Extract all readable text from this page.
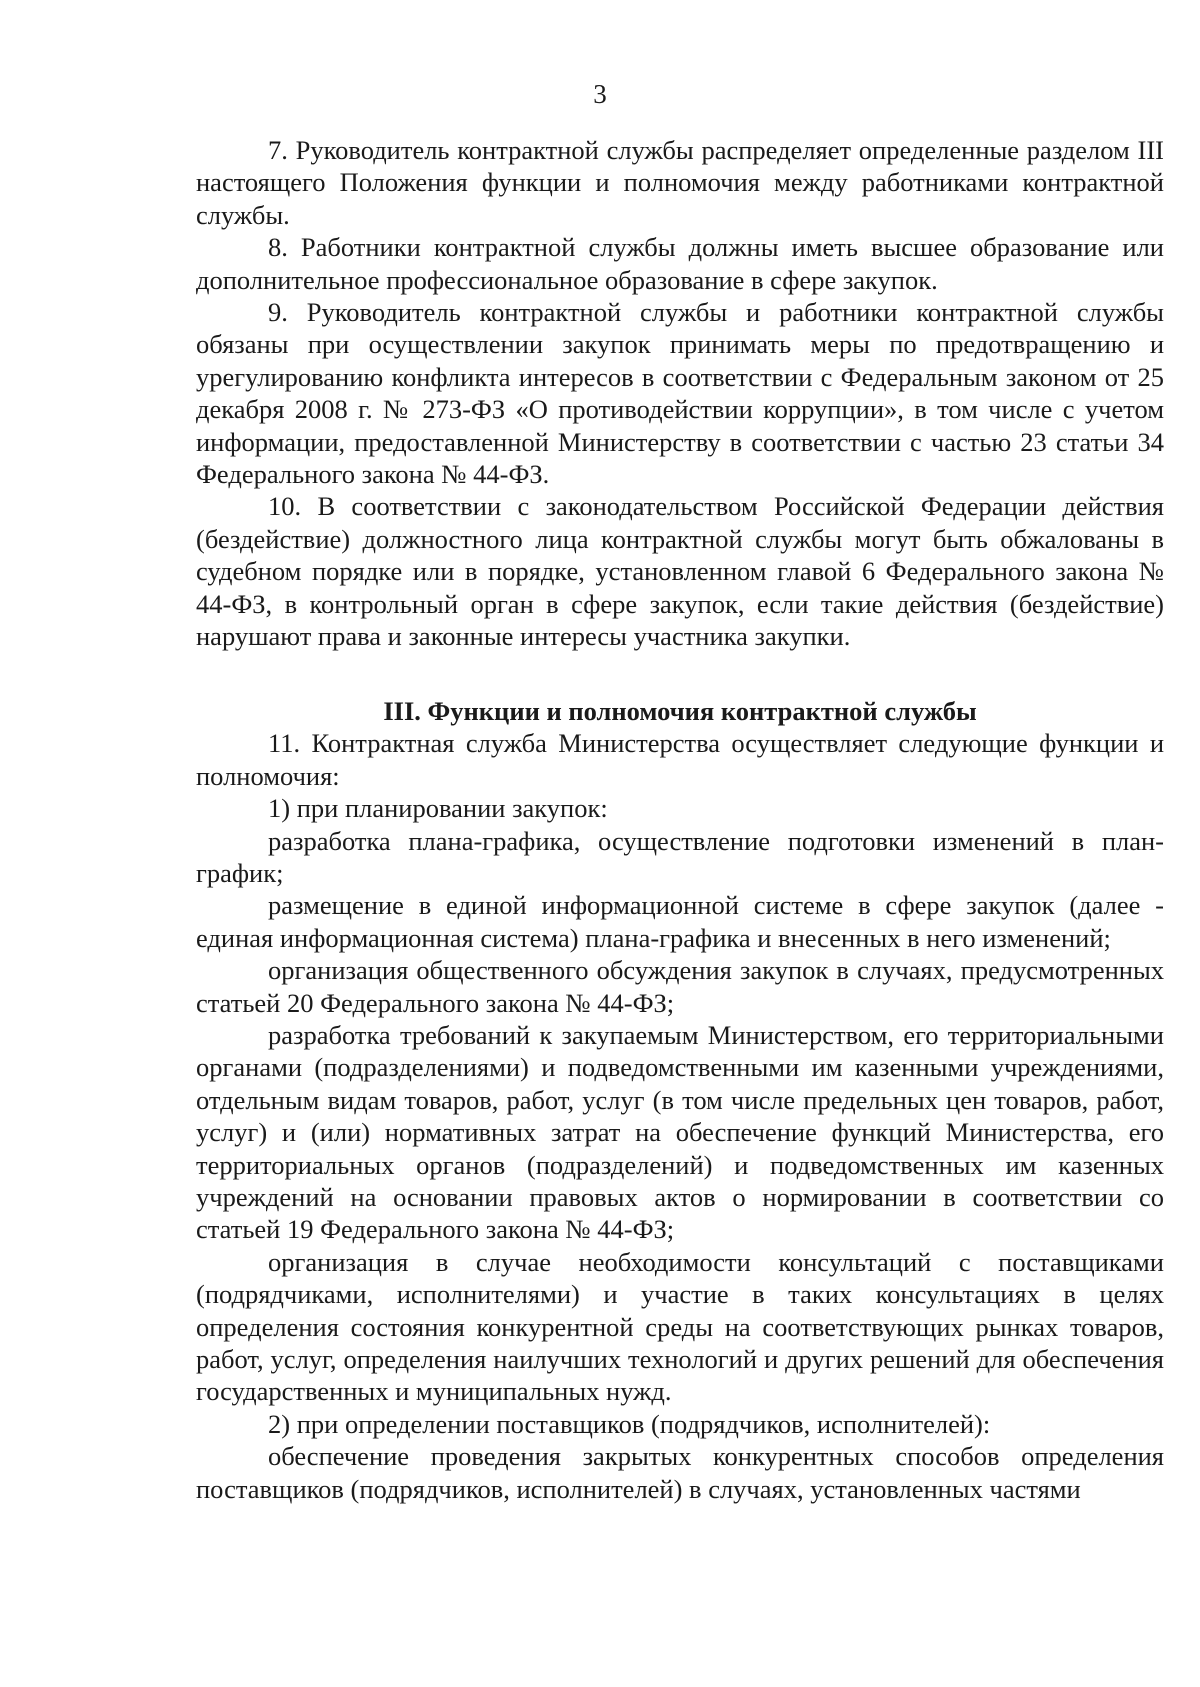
3

7. Руководитель контрактной службы распределяет определенные разделом III настоящего Положения функции и полномочия между работниками контрактной службы.

8. Работники контрактной службы должны иметь высшее образование или дополнительное профессиональное образование в сфере закупок.

9. Руководитель контрактной службы и работники контрактной службы обязаны при осуществлении закупок принимать меры по предотвращению и урегулированию конфликта интересов в соответствии с Федеральным законом от 25 декабря 2008 г. № 273-ФЗ «О противодействии коррупции», в том числе с учетом информации, предоставленной Министерству в соответствии с частью 23 статьи 34 Федерального закона № 44-ФЗ.

10. В соответствии с законодательством Российской Федерации действия (бездействие) должностного лица контрактной службы могут быть обжалованы в судебном порядке или в порядке, установленном главой 6 Федерального закона № 44-ФЗ, в контрольный орган в сфере закупок, если такие действия (бездействие) нарушают права и законные интересы участника закупки.

III. Функции и полномочия контрактной службы

11. Контрактная служба Министерства осуществляет следующие функции и полномочия:

1) при планировании закупок:

разработка плана-графика, осуществление подготовки изменений в план-график;

размещение в единой информационной системе в сфере закупок (далее - единая информационная система) плана-графика и внесенных в него изменений;

организация общественного обсуждения закупок в случаях, предусмотренных статьей 20 Федерального закона № 44-ФЗ;

разработка требований к закупаемым Министерством, его территориальными органами (подразделениями) и подведомственными им казенными учреждениями, отдельным видам товаров, работ, услуг (в том числе предельных цен товаров, работ, услуг) и (или) нормативных затрат на обеспечение функций Министерства, его территориальных органов (подразделений) и подведомственных им казенных учреждений на основании правовых актов о нормировании в соответствии со статьей 19 Федерального закона № 44-ФЗ;

организация в случае необходимости консультаций с поставщиками (подрядчиками, исполнителями) и участие в таких консультациях в целях определения состояния конкурентной среды на соответствующих рынках товаров, работ, услуг, определения наилучших технологий и других решений для обеспечения государственных и муниципальных нужд.

2) при определении поставщиков (подрядчиков, исполнителей):

обеспечение проведения закрытых конкурентных способов определения поставщиков (подрядчиков, исполнителей) в случаях, установленных частями
